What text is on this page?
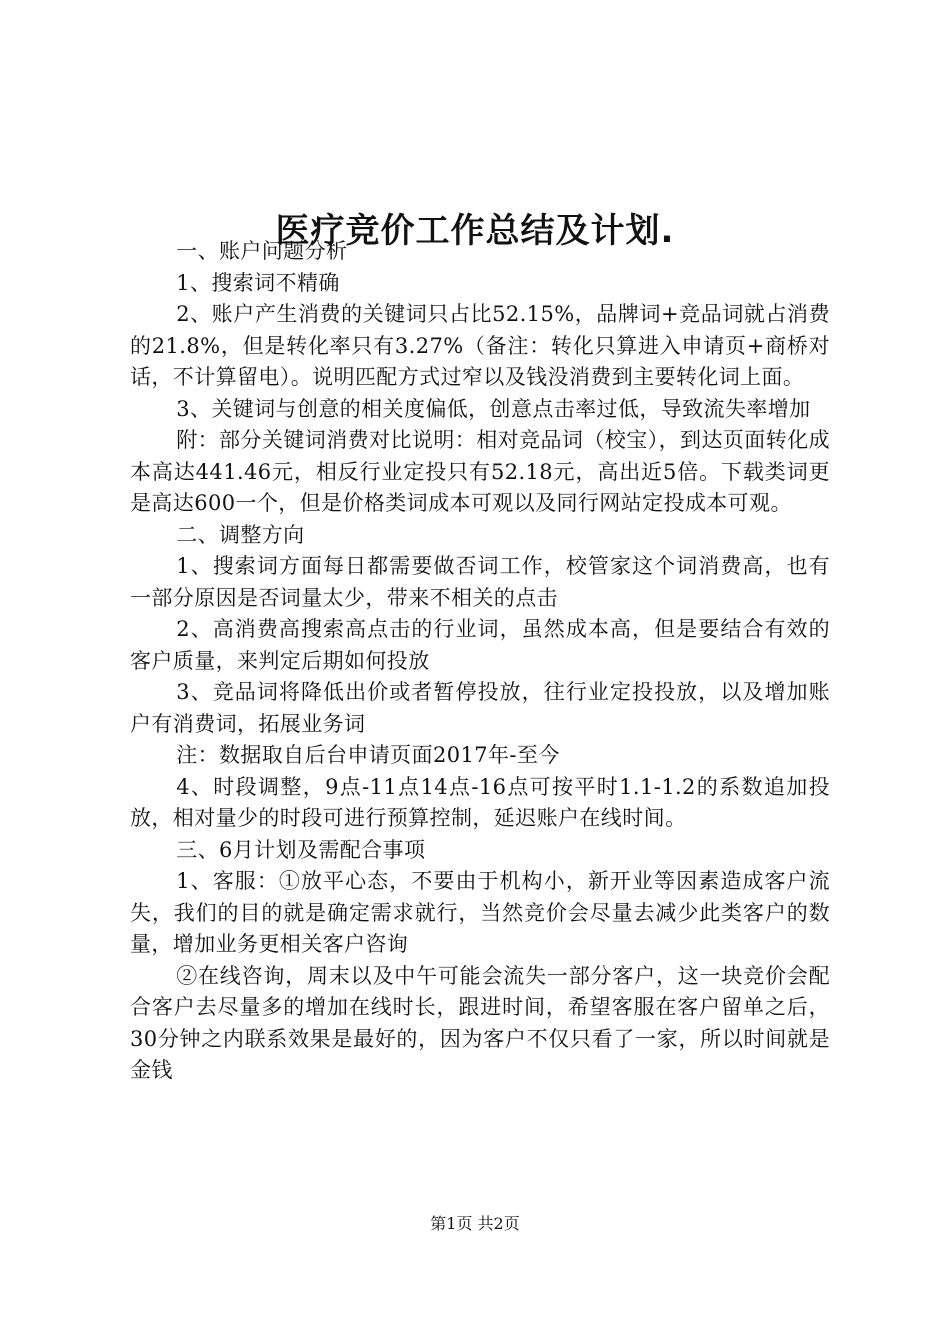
医疗竞价工作总结及计划.

一、账户问题分析

1、搜索词不精确

2、账户产生消费的关键词只占比52.15%，品牌词+竞品词就占消费的21.8%，但是转化率只有3.27%（备注：转化只算进入申请页+商桥对话，不计算留电）。说明匹配方式过窄以及钱没消费到主要转化词上面。

3、关键词与创意的相关度偏低，创意点击率过低，导致流失率增加

附：部分关键词消费对比说明：相对竞品词（校宝），到达页面转化成本高达441.46元，相反行业定投只有52.18元，高出近5倍。下载类词更是高达600一个，但是价格类词成本可观以及同行网站定投成本可观。

二、调整方向

1、搜索词方面每日都需要做否词工作，校管家这个词消费高，也有一部分原因是否词量太少，带来不相关的点击

2、高消费高搜索高点击的行业词，虽然成本高，但是要结合有效的客户质量，来判定后期如何投放

3、竞品词将降低出价或者暂停投放，往行业定投投放，以及增加账户有消费词，拓展业务词

注：数据取自后台申请页面2017年-至今

4、时段调整，9点-11点14点-16点可按平时1.1-1.2的系数追加投放，相对量少的时段可进行预算控制，延迟账户在线时间。

三、6月计划及需配合事项

1、客服：①放平心态，不要由于机构小，新开业等因素造成客户流失，我们的目的就是确定需求就行，当然竞价会尽量去减少此类客户的数量，增加业务更相关客户咨询

②在线咨询，周末以及中午可能会流失一部分客户，这一块竞价会配合客户去尽量多的增加在线时长，跟进时间，希望客服在客户留单之后，30分钟之内联系效果是最好的，因为客户不仅只看了一家，所以时间就是金钱

第1页 共2页
